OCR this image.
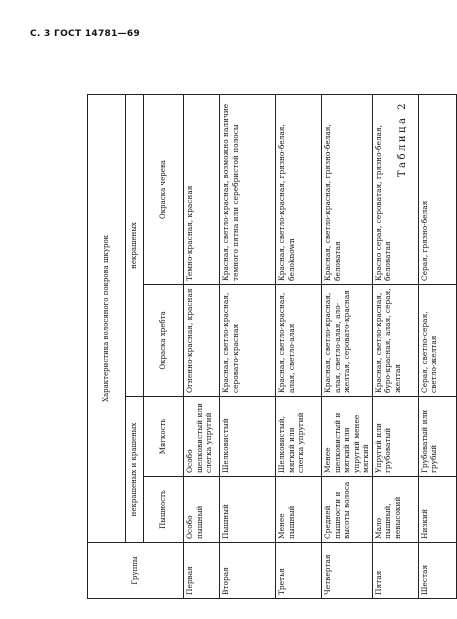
С. 3 ГОСТ 14781—69
Таблица 2
Группы	Характеристика волосяного покрова шкурок			
	некрашеных и крашеных		некрашеных	
	Пышность	Мягкость	Окраска хребта	Окраска черева
Первая	Особо пышный	Особо шелковистый или слегка упругий	Огненно-красная, красная	Темно-красная, красная
Вторая	Пышный	Шелковистый	Красная, светло-красная, серовато-красная	Красная, светло-красная, возможно наличие темного пятна или серебристой полосы
Третья	Менее пышный	Шелковистый, мягкий или слегка упругий	Красная, светло-красная, алая, светло-алая	Красная, светло-красная, грязно-белая, белоknown
Четвертая	Средней пышности и высоты волоса	Менее шелковистый и мягкий или упругий менее мягкий	Красная, светло-красная, алая, светло-алая, ало-желтая, серовато-красная	Красная, светло-красная, грязно-белая, беловатая
Пятая	Мало пышный, невысокий	Упругий или грубоватый	Красная, светло-красная, буро-красная, алая, серая, желтая	Красно серая, сероватая, грязно-белая, беловатая
Шестая	Низкий	Грубоватый или грубый	Серая, светло-серая, светло-желтая	Серая, грязно-белая
